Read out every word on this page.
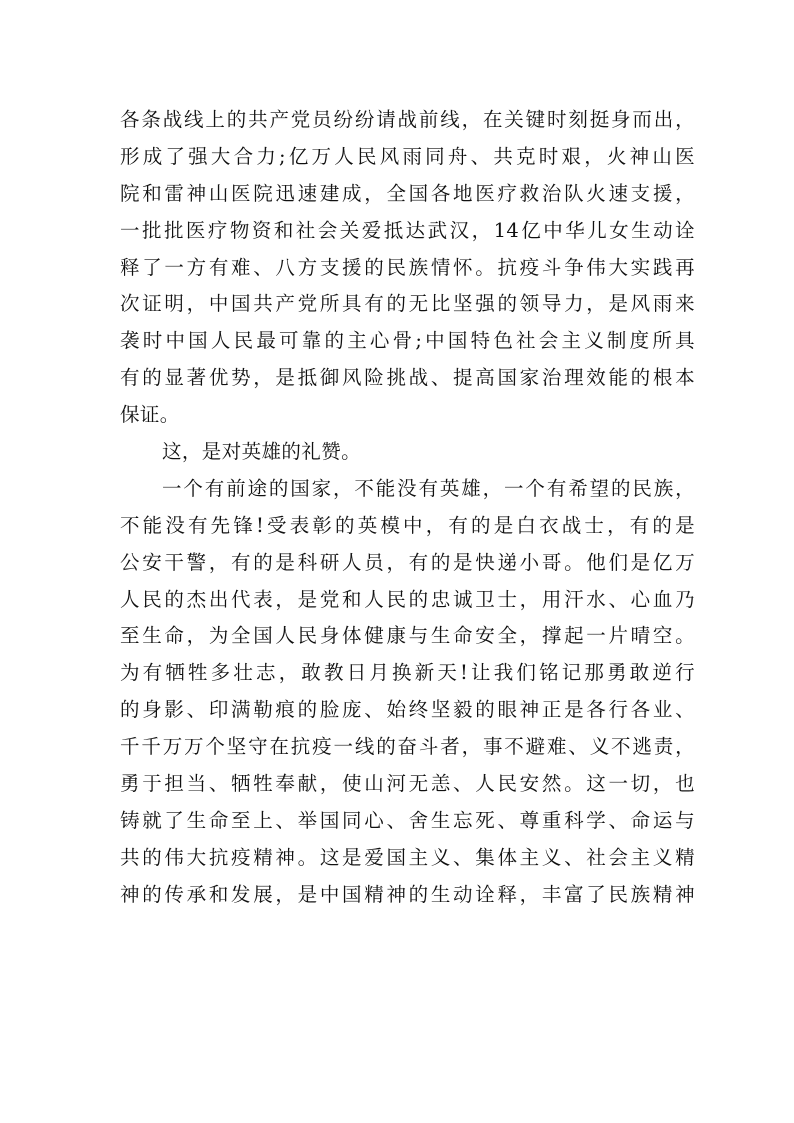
各条战线上的共产党员纷纷请战前线，在关键时刻挺身而出，
形成了强大合力;亿万人民风雨同舟、共克时艰，火神山医
院和雷神山医院迅速建成，全国各地医疗救治队火速支援，
一批批医疗物资和社会关爱抵达武汉，14亿中华儿女生动诠
释了一方有难、八方支援的民族情怀。抗疫斗争伟大实践再
次证明，中国共产党所具有的无比坚强的领导力，是风雨来
袭时中国人民最可靠的主心骨;中国特色社会主义制度所具
有的显著优势，是抵御风险挑战、提高国家治理效能的根本
保证。
这，是对英雄的礼赞。
一个有前途的国家，不能没有英雄，一个有希望的民族，
不能没有先锋!受表彰的英模中，有的是白衣战士，有的是
公安干警，有的是科研人员，有的是快递小哥。他们是亿万
人民的杰出代表，是党和人民的忠诚卫士，用汗水、心血乃
至生命，为全国人民身体健康与生命安全，撑起一片晴空。
为有牺牲多壮志，敢教日月换新天!让我们铭记那勇敢逆行
的身影、印满勒痕的脸庞、始终坚毅的眼神正是各行各业、
千千万万个坚守在抗疫一线的奋斗者，事不避难、义不逃责，
勇于担当、牺牲奉献，使山河无恙、人民安然。这一切，也
铸就了生命至上、举国同心、舍生忘死、尊重科学、命运与
共的伟大抗疫精神。这是爱国主义、集体主义、社会主义精
神的传承和发展，是中国精神的生动诠释，丰富了民族精神
